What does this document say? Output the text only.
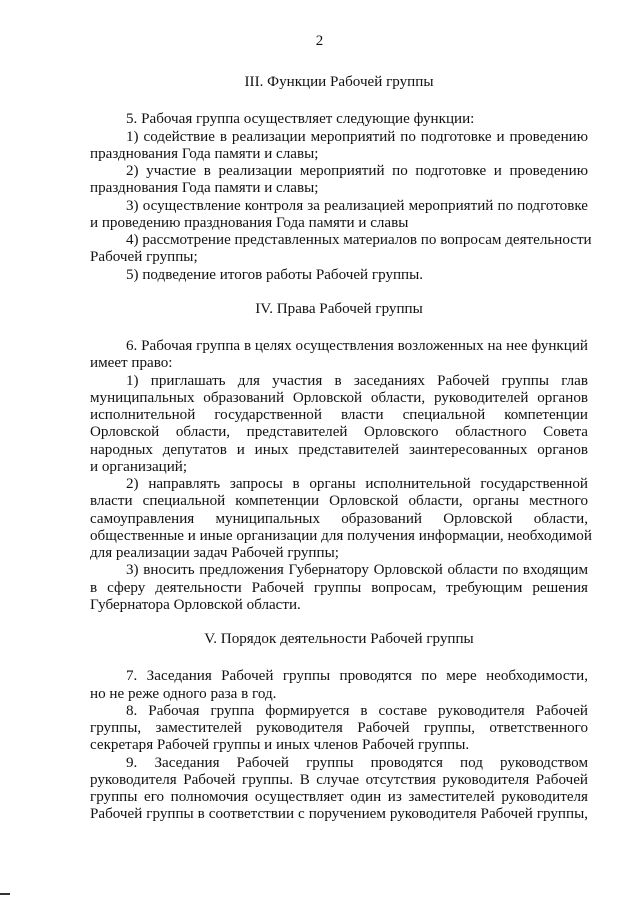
2
III. Функции Рабочей группы
5. Рабочая группа осуществляет следующие функции:
1) содействие в реализации мероприятий по подготовке и проведению
празднования Года памяти и славы;
2) участие в реализации мероприятий по подготовке и проведению
празднования Года памяти и славы;
3) осуществление контроля за реализацией мероприятий по подготовке
и проведению празднования Года памяти и славы
4) рассмотрение представленных материалов по вопросам деятельности
Рабочей группы;
5) подведение итогов работы Рабочей группы.
IV. Права Рабочей группы
6. Рабочая группа в целях осуществления возложенных на нее функций
имеет право:
1) приглашать для участия в заседаниях Рабочей группы глав
муниципальных образований Орловской области, руководителей органов
исполнительной государственной власти специальной компетенции
Орловской области, представителей Орловского областного Совета
народных депутатов и иных представителей заинтересованных органов
и организаций;
2) направлять запросы в органы исполнительной государственной
власти специальной компетенции Орловской области, органы местного
самоуправления муниципальных образований Орловской области,
общественные и иные организации для получения информации, необходимой
для реализации задач Рабочей группы;
3) вносить предложения Губернатору Орловской области по входящим
в сферу деятельности Рабочей группы вопросам, требующим решения
Губернатора Орловской области.
V. Порядок деятельности Рабочей группы
7. Заседания Рабочей группы проводятся по мере необходимости,
но не реже одного раза в год.
8. Рабочая группа формируется в составе руководителя Рабочей
группы, заместителей руководителя Рабочей группы, ответственного
секретаря Рабочей группы и иных членов Рабочей группы.
9. Заседания Рабочей группы проводятся под руководством
руководителя Рабочей группы. В случае отсутствия руководителя Рабочей
группы его полномочия осуществляет один из заместителей руководителя
Рабочей группы в соответствии с поручением руководителя Рабочей группы,
